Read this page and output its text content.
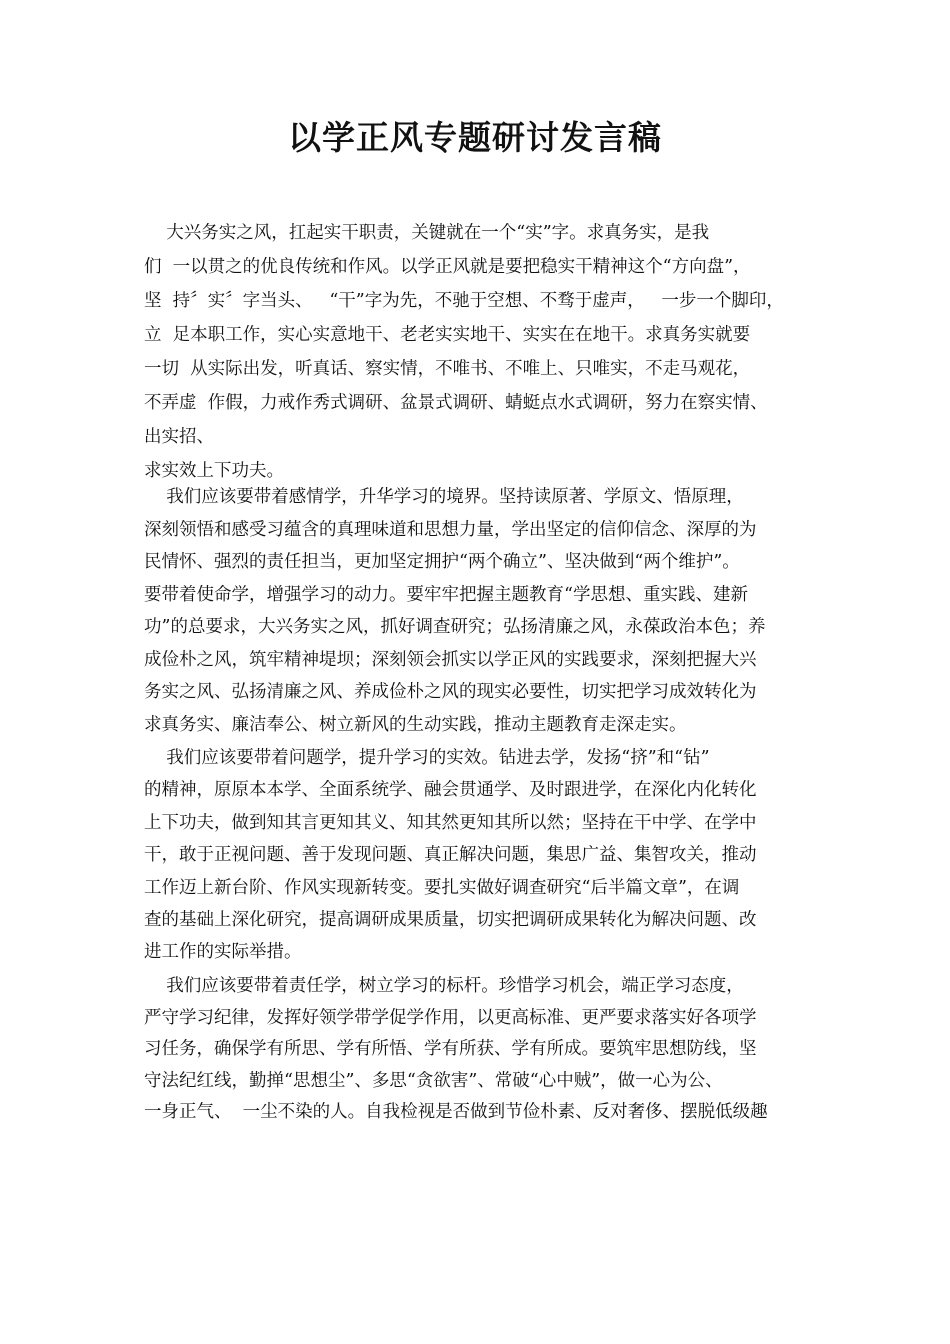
以学正风专题研讨发言稿
大兴务实之风，扛起实干职责，关键就在一个“实”字。求真务实，是我
们  一以贯之的优良传统和作风。以学正风就是要把稳实干精神这个“方向盘”，
坚  持〞实〞字当头、   “干”字为先，不驰于空想、不骛于虚声，   一步一个脚印，
立  足本职工作，实心实意地干、老老实实地干、实实在在地干。求真务实就要
一切  从实际出发，听真话、察实情，不唯书、不唯上、只唯实，不走马观花，
不弄虚  作假，力戒作秀式调研、盆景式调研、蜻蜓点水式调研，努力在察实情、
出实招、
求实效上下功夫。
我们应该要带着感情学，升华学习的境界。坚持读原著、学原文、悟原理，
深刻领悟和感受习蕴含的真理味道和思想力量，学出坚定的信仰信念、深厚的为
民情怀、强烈的责任担当，更加坚定拥护“两个确立”、坚决做到“两个维护”。
要带着使命学，增强学习的动力。要牢牢把握主题教育“学思想、重实践、建新
功”的总要求，大兴务实之风，抓好调查研究；弘扬清廉之风，永葆政治本色；养
成俭朴之风，筑牢精神堤坝；深刻领会抓实以学正风的实践要求，深刻把握大兴
务实之风、弘扬清廉之风、养成俭朴之风的现实必要性，切实把学习成效转化为
求真务实、廉洁奉公、树立新风的生动实践，推动主题教育走深走实。
我们应该要带着问题学，提升学习的实效。钻进去学，发扬“挤”和“钻”
的精神，原原本本学、全面系统学、融会贯通学、及时跟进学，在深化内化转化
上下功夫，做到知其言更知其义、知其然更知其所以然；坚持在干中学、在学中
干，敢于正视问题、善于发现问题、真正解决问题，集思广益、集智攻关，推动
工作迈上新台阶、作风实现新转变。要扎实做好调查研究“后半篇文章”，在调
查的基础上深化研究，提高调研成果质量，切实把调研成果转化为解决问题、改
进工作的实际举措。
我们应该要带着责任学，树立学习的标杆。珍惜学习机会，端正学习态度，
严守学习纪律，发挥好领学带学促学作用，以更高标准、更严要求落实好各项学
习任务，确保学有所思、学有所悟、学有所获、学有所成。要筑牢思想防线，坚
守法纪红线，勤掸“思想尘”、多思“贪欲害”、常破“心中贼”，做一心为公、
一身正气、  一尘不染的人。自我检视是否做到节俭朴素、反对奢侈、摆脱低级趣
